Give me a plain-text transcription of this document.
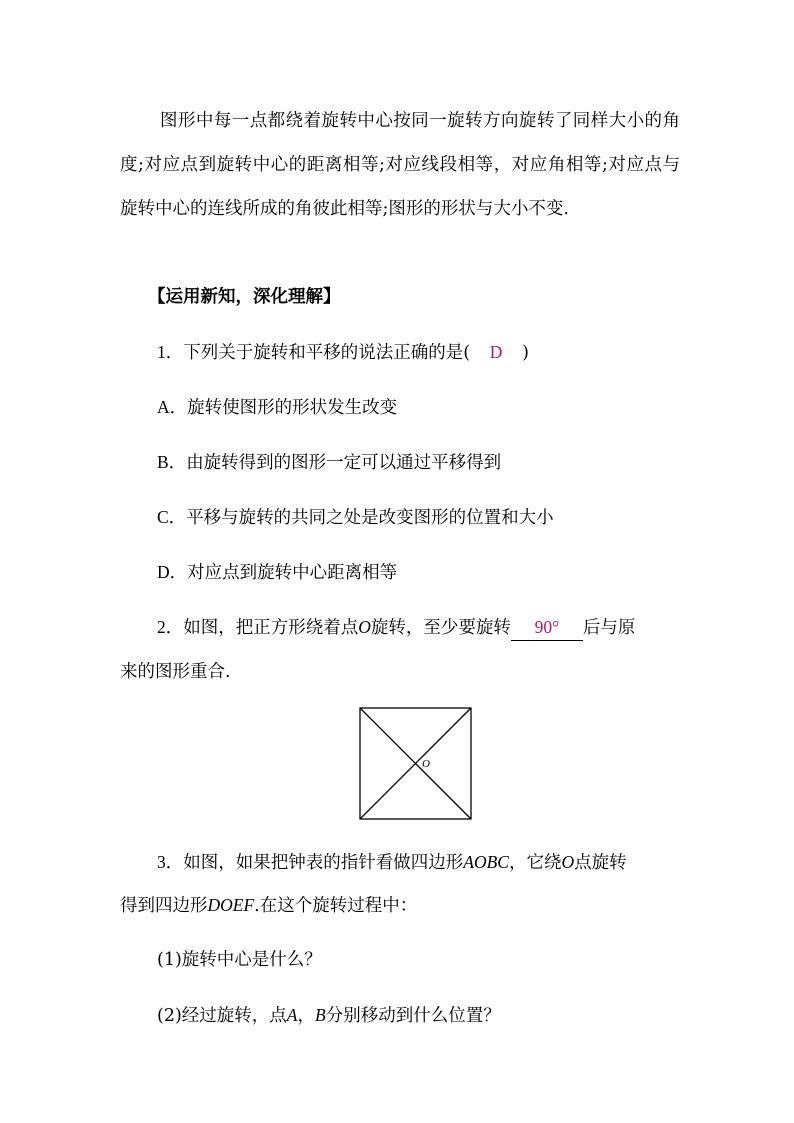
图形中每一点都绕着旋转中心按同一旋转方向旋转了同样大小的角度;对应点到旋转中心的距离相等;对应线段相等，对应角相等;对应点与旋转中心的连线所成的角彼此相等;图形的形状与大小不变.
【运用新知，深化理解】
1．下列关于旋转和平移的说法正确的是( D )
A．旋转使图形的形状发生改变
B．由旋转得到的图形一定可以通过平移得到
C．平移与旋转的共同之处是改变图形的位置和大小
D．对应点到旋转中心距离相等
2．如图，把正方形绕着点O旋转，至少要旋转 90° 后与原
来的图形重合.
O
3．如图，如果把钟表的指针看做四边形AOBC，它绕O点旋转
得到四边形DOEF.在这个旋转过程中：
(1)旋转中心是什么？
(2)经过旋转，点A，B分别移动到什么位置？
